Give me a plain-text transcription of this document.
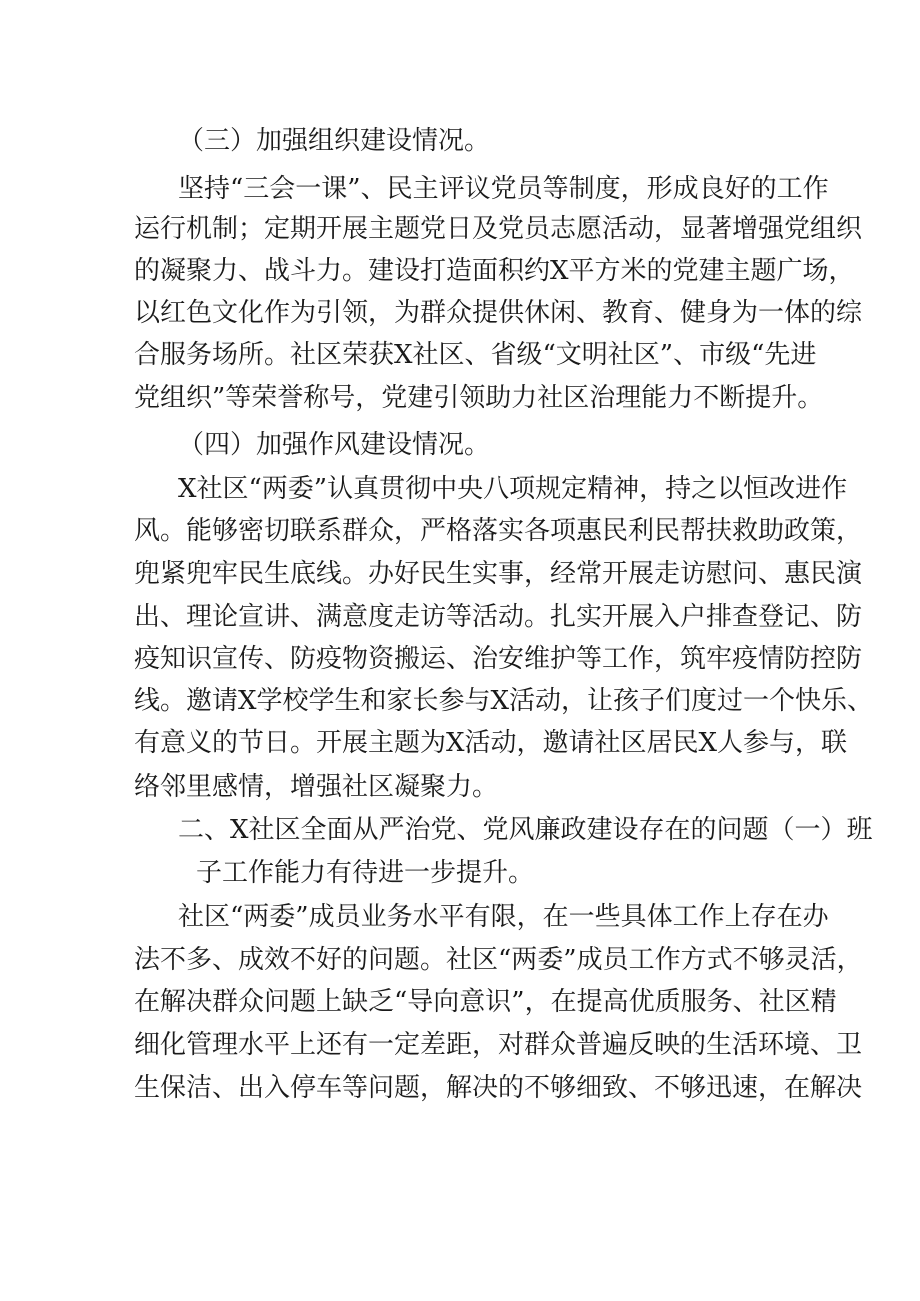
（三）加强组织建设情况。
坚持“三会一课”、民主评议党员等制度，形成良好的工作
运行机制；定期开展主题党日及党员志愿活动，显著增强党组织
的凝聚力、战斗力。建设打造面积约X平方米的党建主题广场，
以红色文化作为引领，为群众提供休闲、教育、健身为一体的综
合服务场所。社区荣获X社区、省级“文明社区”、市级“先进
党组织”等荣誉称号，党建引领助力社区治理能力不断提升。
（四）加强作风建设情况。
X社区“两委”认真贯彻中央八项规定精神，持之以恒改进作
风。能够密切联系群众，严格落实各项惠民利民帮扶救助政策，
兜紧兜牢民生底线。办好民生实事，经常开展走访慰问、惠民演
出、理论宣讲、满意度走访等活动。扎实开展入户排查登记、防
疫知识宣传、防疫物资搬运、治安维护等工作，筑牢疫情防控防
线。邀请X学校学生和家长参与X活动，让孩子们度过一个快乐、
有意义的节日。开展主题为X活动，邀请社区居民X人参与，联
络邻里感情，增强社区凝聚力。
二、X社区全面从严治党、党风廉政建设存在的问题（一）班
子工作能力有待进一步提升。
社区“两委”成员业务水平有限，在一些具体工作上存在办
法不多、成效不好的问题。社区“两委”成员工作方式不够灵活，
在解决群众问题上缺乏“导向意识”，在提高优质服务、社区精
细化管理水平上还有一定差距，对群众普遍反映的生活环境、卫
生保洁、出入停车等问题，解决的不够细致、不够迅速，在解决
